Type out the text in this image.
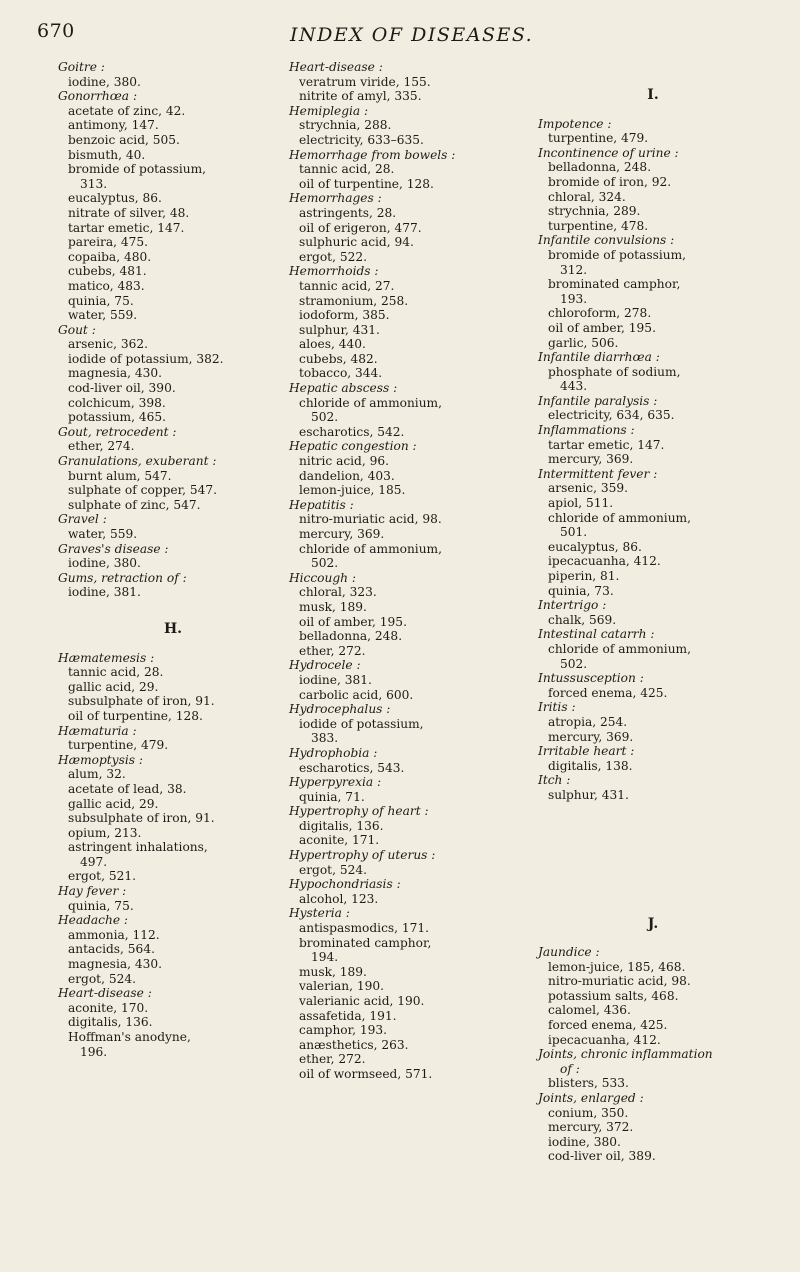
670	INDEX OF DISEASES.
Goitre :
iodine, 380.
Gonorrhœa :
acetate of zinc, 42.
antimony, 147.
benzoic acid, 505.
bismuth, 40.
bromide of potassium,
313.
eucalyptus, 86.
nitrate of silver, 48.
tartar emetic, 147.
pareira, 475.
copaiba, 480.
cubebs, 481.
matico, 483.
quinia, 75.
water, 559.
Gout :
arsenic, 362.
iodide of potassium, 382.
magnesia, 430.
cod-liver oil, 390.
colchicum, 398.
potassium, 465.
Gout, retrocedent :
ether, 274.
Granulations, exuberant :
burnt alum, 547.
sulphate of copper, 547.
sulphate of zinc, 547.
Gravel :
water, 559.
Graves's disease :
iodine, 380.
Gums, retraction of :
iodine, 381.
H.
Hæmatemesis :
tannic acid, 28.
gallic acid, 29.
subsulphate of iron, 91.
oil of turpentine, 128.
Hæmaturia :
turpentine, 479.
Hæmoptysis :
alum, 32.
acetate of lead, 38.
gallic acid, 29.
subsulphate of iron, 91.
opium, 213.
astringent inhalations,
497.
ergot, 521.
Hay fever :
quinia, 75.
Headache :
ammonia, 112.
antacids, 564.
magnesia, 430.
ergot, 524.
Heart-disease :
aconite, 170.
digitalis, 136.
Hoffman's anodyne,
196.
Heart-disease :
veratrum viride, 155.
nitrite of amyl, 335.
Hemiplegia :
strychnia, 288.
electricity, 633–635.
Hemorrhage from bowels :
tannic acid, 28.
oil of turpentine, 128.
Hemorrhages :
astringents, 28.
oil of erigeron, 477.
sulphuric acid, 94.
ergot, 522.
Hemorrhoids :
tannic acid, 27.
stramonium, 258.
iodoform, 385.
sulphur, 431.
aloes, 440.
cubebs, 482.
tobacco, 344.
Hepatic abscess :
chloride of ammonium,
502.
escharotics, 542.
Hepatic congestion :
nitric acid, 96.
dandelion, 403.
lemon-juice, 185.
Hepatitis :
nitro-muriatic acid, 98.
mercury, 369.
chloride of ammonium,
502.
Hiccough :
chloral, 323.
musk, 189.
oil of amber, 195.
belladonna, 248.
ether, 272.
Hydrocele :
iodine, 381.
carbolic acid, 600.
Hydrocephalus :
iodide of potassium,
383.
Hydrophobia :
escharotics, 543.
Hyperpyrexia :
quinia, 71.
Hypertrophy of heart :
digitalis, 136.
aconite, 171.
Hypertrophy of uterus :
ergot, 524.
Hypochondriasis :
alcohol, 123.
Hysteria :
antispasmodics, 171.
brominated camphor,
194.
musk, 189.
valerian, 190.
valerianic acid, 190.
assafetida, 191.
camphor, 193.
anæsthetics, 263.
ether, 272.
oil of wormseed, 571.
I.
Impotence :
turpentine, 479.
Incontinence of urine :
belladonna, 248.
bromide of iron, 92.
chloral, 324.
strychnia, 289.
turpentine, 478.
Infantile convulsions :
bromide of potassium,
312.
brominated camphor,
193.
chloroform, 278.
oil of amber, 195.
garlic, 506.
Infantile diarrhœa :
phosphate of sodium,
443.
Infantile paralysis :
electricity, 634, 635.
Inflammations :
tartar emetic, 147.
mercury, 369.
Intermittent fever :
arsenic, 359.
apiol, 511.
chloride of ammonium,
501.
eucalyptus, 86.
ipecacuanha, 412.
piperin, 81.
quinia, 73.
Intertrigo :
chalk, 569.
Intestinal catarrh :
chloride of ammonium,
502.
Intussusception :
forced enema, 425.
Iritis :
atropia, 254.
mercury, 369.
Irritable heart :
digitalis, 138.
Itch :
sulphur, 431.
J.
Jaundice :
lemon-juice, 185, 468.
nitro-muriatic acid, 98.
potassium salts, 468.
calomel, 436.
forced enema, 425.
ipecacuanha, 412.
Joints, chronic inflammation
of :
blisters, 533.
Joints, enlarged :
conium, 350.
mercury, 372.
iodine, 380.
cod-liver oil, 389.
